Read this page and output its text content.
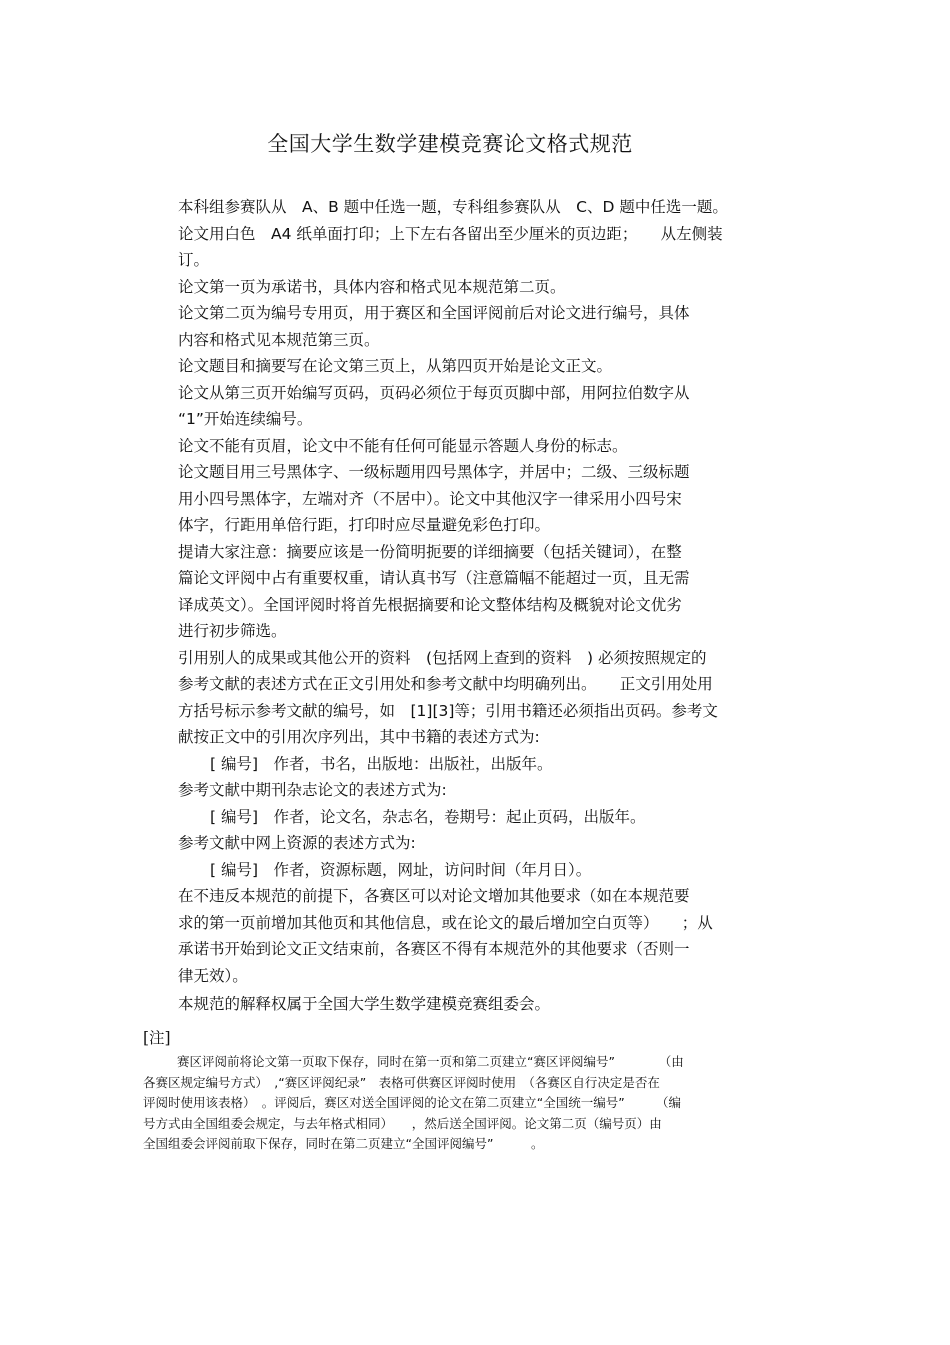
全国大学生数学建模竞赛论文格式规范
本科组参赛队从　A、B 题中任选一题，专科组参赛队从　C、D 题中任选一题。
论文用白色　A4 纸单面打印；上下左右各留出至少厘米的页边距；　　从左侧装
订。
论文第一页为承诺书，具体内容和格式见本规范第二页。
论文第二页为编号专用页，用于赛区和全国评阅前后对论文进行编号，具体
内容和格式见本规范第三页。
论文题目和摘要写在论文第三页上，从第四页开始是论文正文。
论文从第三页开始编写页码，页码必须位于每页页脚中部，用阿拉伯数字从
“1”开始连续编号。
论文不能有页眉，论文中不能有任何可能显示答题人身份的标志。
论文题目用三号黑体字、一级标题用四号黑体字，并居中；二级、三级标题
用小四号黑体字，左端对齐（不居中）。论文中其他汉字一律采用小四号宋
体字，行距用单倍行距，打印时应尽量避免彩色打印。
提请大家注意：摘要应该是一份简明扼要的详细摘要（包括关键词），在整
篇论文评阅中占有重要权重，请认真书写（注意篇幅不能超过一页，且无需
译成英文）。全国评阅时将首先根据摘要和论文整体结构及概貌对论文优劣
进行初步筛选。
引用别人的成果或其他公开的资料　(包括网上查到的资料　) 必须按照规定的
参考文献的表述方式在正文引用处和参考文献中均明确列出。　　正文引用处用
方括号标示参考文献的编号，如　[1][3]等；引用书籍还必须指出页码。参考文
献按正文中的引用次序列出，其中书籍的表述方式为:
[ 编号]　作者，书名，出版地：出版社，出版年。
参考文献中期刊杂志论文的表述方式为:
[ 编号]　作者，论文名，杂志名，卷期号：起止页码，出版年。
参考文献中网上资源的表述方式为:
[ 编号]　作者，资源标题，网址，访问时间（年月日）。
在不违反本规范的前提下，各赛区可以对论文增加其他要求（如在本规范要
求的第一页前增加其他页和其他信息，或在论文的最后增加空白页等）　　；从
承诺书开始到论文正文结束前，各赛区不得有本规范外的其他要求（否则一
律无效）。
本规范的解释权属于全国大学生数学建模竞赛组委会。
[注]
赛区评阅前将论文第一页取下保存，同时在第一页和第二页建立“赛区评阅编号”　　　　（由
各赛区规定编号方式）　,“赛区评阅纪录”　表格可供赛区评阅时使用　（各赛区自行决定是否在
评阅时使用该表格）　。评阅后，赛区对送全国评阅的论文在第二页建立“全国统一编号”　　　（编
号方式由全国组委会规定，与去年格式相同）　　，然后送全国评阅。论文第二页（编号页）由
全国组委会评阅前取下保存，同时在第二页建立“全国评阅编号”　　　。
